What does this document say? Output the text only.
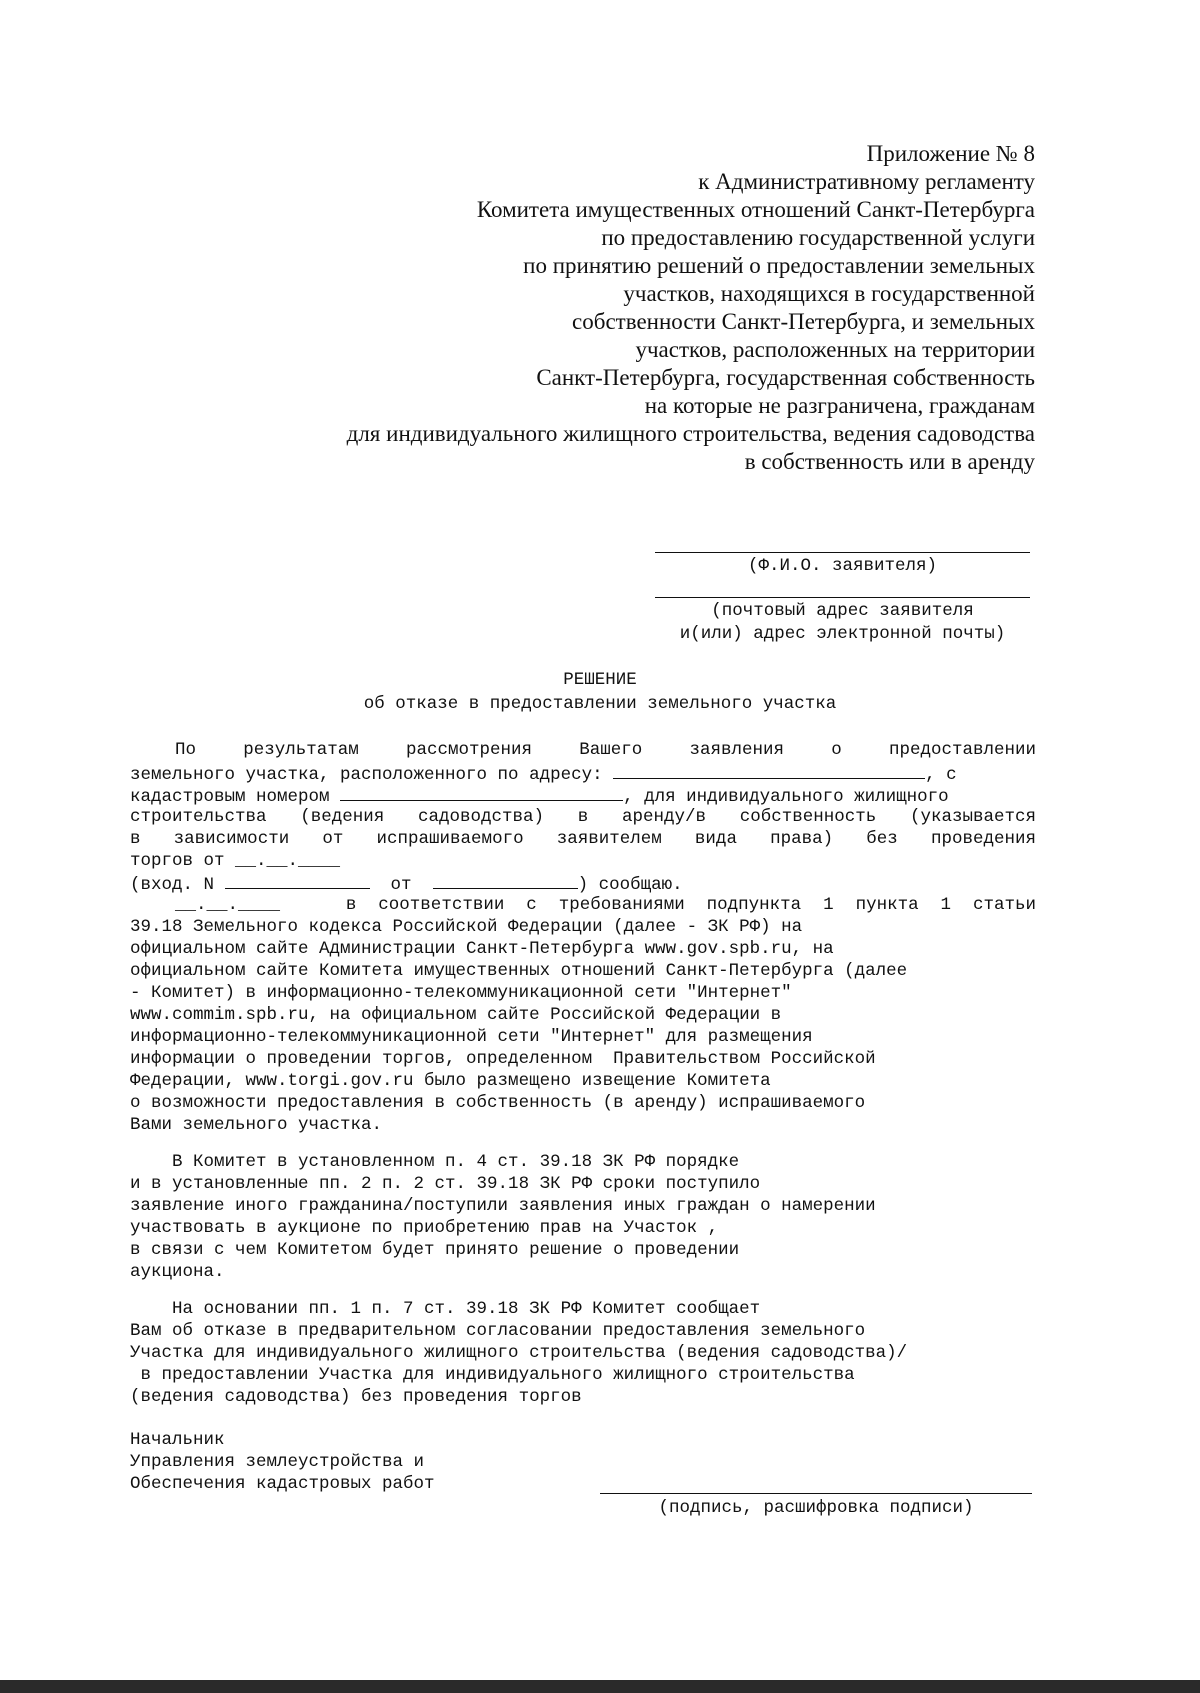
Приложение № 8
к Административному регламенту
Комитета имущественных отношений Санкт-Петербурга
по предоставлению государственной услуги
по принятию решений о предоставлении земельных
участков, находящихся в государственной
собственности Санкт-Петербурга, и земельных
участков, расположенных на территории
Санкт-Петербурга, государственная собственность
на которые не разграничена, гражданам
для индивидуального жилищного строительства, ведения садоводства
в собственность или в аренду
(Ф.И.О. заявителя)
(почтовый адрес заявителя
и(или) адрес электронной почты)
РЕШЕНИЕ
об отказе в предоставлении земельного участка
По результатам рассмотрения Вашего заявления о предоставлении
земельного участка, расположенного по адресу:	, с
кадастровым номером	, для индивидуального жилищного
строительства (ведения садоводства) в аренду/в собственность (указывается
в зависимости от испрашиваемого заявителем вида права) без проведения
торгов от __.__.____
(вход. N	от	) сообщаю.
__.__.____	в соответствии с требованиями подпункта 1 пункта 1 статьи
39.18 Земельного кодекса Российской Федерации (далее - ЗК РФ) на
официальном сайте Администрации Санкт-Петербурга www.gov.spb.ru, на
официальном сайте Комитета имущественных отношений Санкт-Петербурга (далее
- Комитет) в информационно-телекоммуникационной сети "Интернет"
www.commim.spb.ru, на официальном сайте Российской Федерации в
информационно-телекоммуникационной сети "Интернет" для размещения
информации о проведении торгов, определенном  Правительством Российской
Федерации, www.torgi.gov.ru было размещено извещение Комитета
о возможности предоставления в собственность (в аренду) испрашиваемого
Вами земельного участка.
В Комитет в установленном п. 4 ст. 39.18 ЗК РФ порядке
и в установленные пп. 2 п. 2 ст. 39.18 ЗК РФ сроки поступило
заявление иного гражданина/поступили заявления иных граждан о намерении
участвовать в аукционе по приобретению прав на Участок ,
в связи с чем Комитетом будет принято решение о проведении
аукциона.
На основании пп. 1 п. 7 ст. 39.18 ЗК РФ Комитет сообщает
Вам об отказе в предварительном согласовании предоставления земельного
Участка для индивидуального жилищного строительства (ведения садоводства)/
в предоставлении Участка для индивидуального жилищного строительства
(ведения садоводства) без проведения торгов
Начальник
Управления землеустройства и
Обеспечения кадастровых работ
(подпись, расшифровка подписи)
